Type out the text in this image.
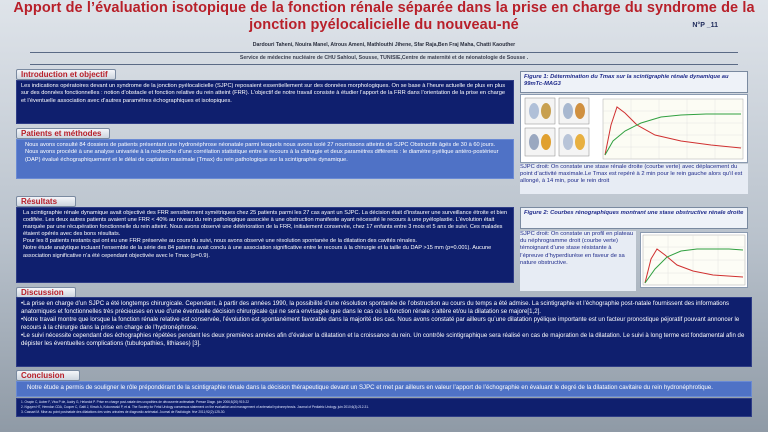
Apport de l’évaluation isotopique de la fonction rénale séparée dans la prise en charge du syndrome de la
jonction pyélocalicielle du nouveau-né	N°P _11
Dardouri Taheni, Nouira Manel, Atrous Ameni, Mathlouthi Jihene, Sfar Raja,Ben Fraj Maha, Chatti Kaouther
Service de médecine nucléaire de CHU Sahloul, Sousse, TUNISIE,Centre de maternité et de néonatologie de Sousse .
Introduction et objectif

Les indications opératoires devant un syndrome de la jonction pyélocalicielle (SJPC) reposaient essentiellement sur des données morphologiques. On se base à l’heure actuelle de plus en plus sur des données fonctionnelles : notion d’obstacle et fonction relative du rein atteint (FRR). L’objectif de notre travail consiste à étudier l’apport de la FRR dans l’orientation de la prise en charge et l’éventuelle association avec d’autres paramètres échographiques et isotopiques.

Patients et méthodes

Nous avons consulté 84 dossiers de patients présentant une hydronéphrose néonatale parmi lesquels nous avons isolé 27 nourrissons atteints de SJPC Obstructifs âgés de 30 à 60 jours. Nous avons procédé à une analyse univariée à la recherche d’une corrélation statistique entre le recours à la chirurgie et deux paramètres différents : le diamètre pyélique antéro-postérieur (DAP) évalué échographiquement et le délai de captation maximale (Tmax) du rein pathologique sur la scintigraphie dynamique.

Résultats

La scintigraphie rénale dynamique avait objectivé des FRR sensiblement symétriques chez 25 patients parmi les 27 cas ayant un SJPC. La décision était d’instaurer une surveillance étroite et bien codifiée. Les deux autres patients avaient une FRR < 40% au niveau du rein pathologique associée à une obstruction manifeste ayant nécessité le recours à une pyéloplastie. L’évolution était marquée par une récupération fonctionnelle du rein atteint. Nous avons observé une détérioration de la FRR, initialement conservée, chez 17 enfants entre 3 mois et 5 ans de suivi. Ces malades étaient opérés avec des bons résultats.

Pour les 8 patients restants qui ont eu une FRR préservée au cours du suivi, nous avons observé une résolution spontanée de la dilatation des cavités rénales.

Notre étude analytique incluant l’ensemble de la série des 84 patients avait conclu à une association significative entre le recours à la chirurgie et la taille du DAP >15 mm (p=0.001). Aucune association significative n’a été cependant objectivée avec le Tmax (p=0.9).

Figure 1: Détermination du Tmax sur la scintigraphie rénale dynamique au 99mTc-MAG3
SJPC droit: On constate une stase rénale droite (courbe verte) avec déplacement du point d’activité maximale.Le Tmax est repéré à 2 min pour le rein gauche alors qu’il est allongé, à 14 min, pour le rein droit
Figure 2: Courbes rénographiques montrant une stase obstructive rénale droite
SJPC droit: On constate un profil en plateau du néphrogramme droit (courbe verte) témoignant d’une stase résistante à l’épreuve d’hyperdiurèse en faveur de sa nature obstructive.
Discussion

•La prise en charge d’un SJPC a été longtemps chirurgicale. Cependant, à partir des années 1990, la possibilité d’une résolution spontanée de l’obstruction au cours du temps a été admise. La scintigraphie et l’échographie post-natale fournissent des informations anatomiques et fonctionnelles très précieuses en vue d’une éventuelle décision chirurgicale qui ne sera envisagée que dans le cas où la fonction rénale s’altère et/ou la dilatation se majore[1,2].

•Notre travail montre que lorsque la fonction rénale relative est conservée, l’évolution est spontanément favorable dans la majorité des cas. Nous avons constaté par ailleurs qu’une dilatation pyélique importante est un facteur pronostique péjoratif pouvant annoncer le recours à la chirurgie dans la prise en charge de l’hydronéphrose.

•Le suivi nécessite cependant des échographies répétées pendant les deux premières années afin d’évaluer la dilatation et la croissance du rein. Un contrôle scintigraphique sera réalisé en cas de majoration de la dilatation. Le suivi à long terme est fondamental afin de dépister les éventuelles complications (tubulopathies, lithiases) [3].

Conclusion

Notre étude a permis de souligner le rôle prépondérant de la scintigraphie rénale dans la décision thérapeutique devant un SJPC et met par ailleurs en valeur l’apport de l’échographie en évaluant le degré de la dilatation cavitaire du rein hydronéphrotique.

1. Orapin C, Auber F, Viva P de, Audry G, Helardot P. Prise en charge post-natale des uropathies de découverte anténatale. Presse Diagn. juin 2006;8(20):919-22

2. Nguyen HT, Herndon CDA, Cooper C, Gatti J, Kirsch A, Kokorowski P, et al. The Society for Fetal Urology consensus statement on the evaluation and management of antenatal hydronephrosis. Journal of Pediatric Urology. juin 2010;6(3):212-31.

3. Cassart M. Mise au point postnatale des dilatations des voies urinaires de diagnostic anténatal. Journal de Radiologie. févr 2011;92(2):125-30.
